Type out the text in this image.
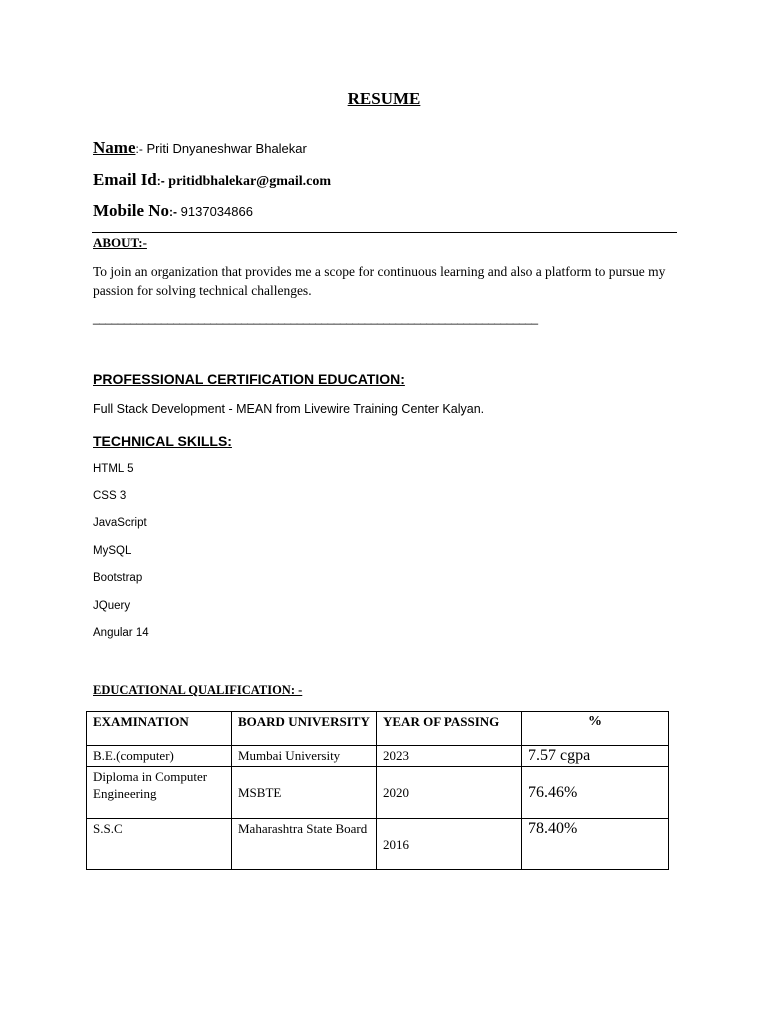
RESUME
Name:- Priti Dnyaneshwar Bhalekar
Email Id:- pritidbhalekar@gmail.com
Mobile No:- 9137034866
ABOUT:-
To join an organization that provides me a scope for continuous learning and also a platform to pursue my passion for solving technical challenges.
________________________________________________________________________
PROFESSIONAL CERTIFICATION EDUCATION:
Full Stack Development - MEAN from Livewire Training Center Kalyan.
TECHNICAL SKILLS:
HTML 5
CSS 3
JavaScript
MySQL
Bootstrap
JQuery
Angular 14
EDUCATIONAL QUALIFICATION: -
EXAMINATION	BOARD UNIVERSITY	YEAR OF PASSING	%
B.E.(computer)	Mumbai University	2023	7.57 cgpa
Diploma in Computer Engineering	MSBTE	2020	76.46%
S.S.C	Maharashtra State Board	2016	78.40%
